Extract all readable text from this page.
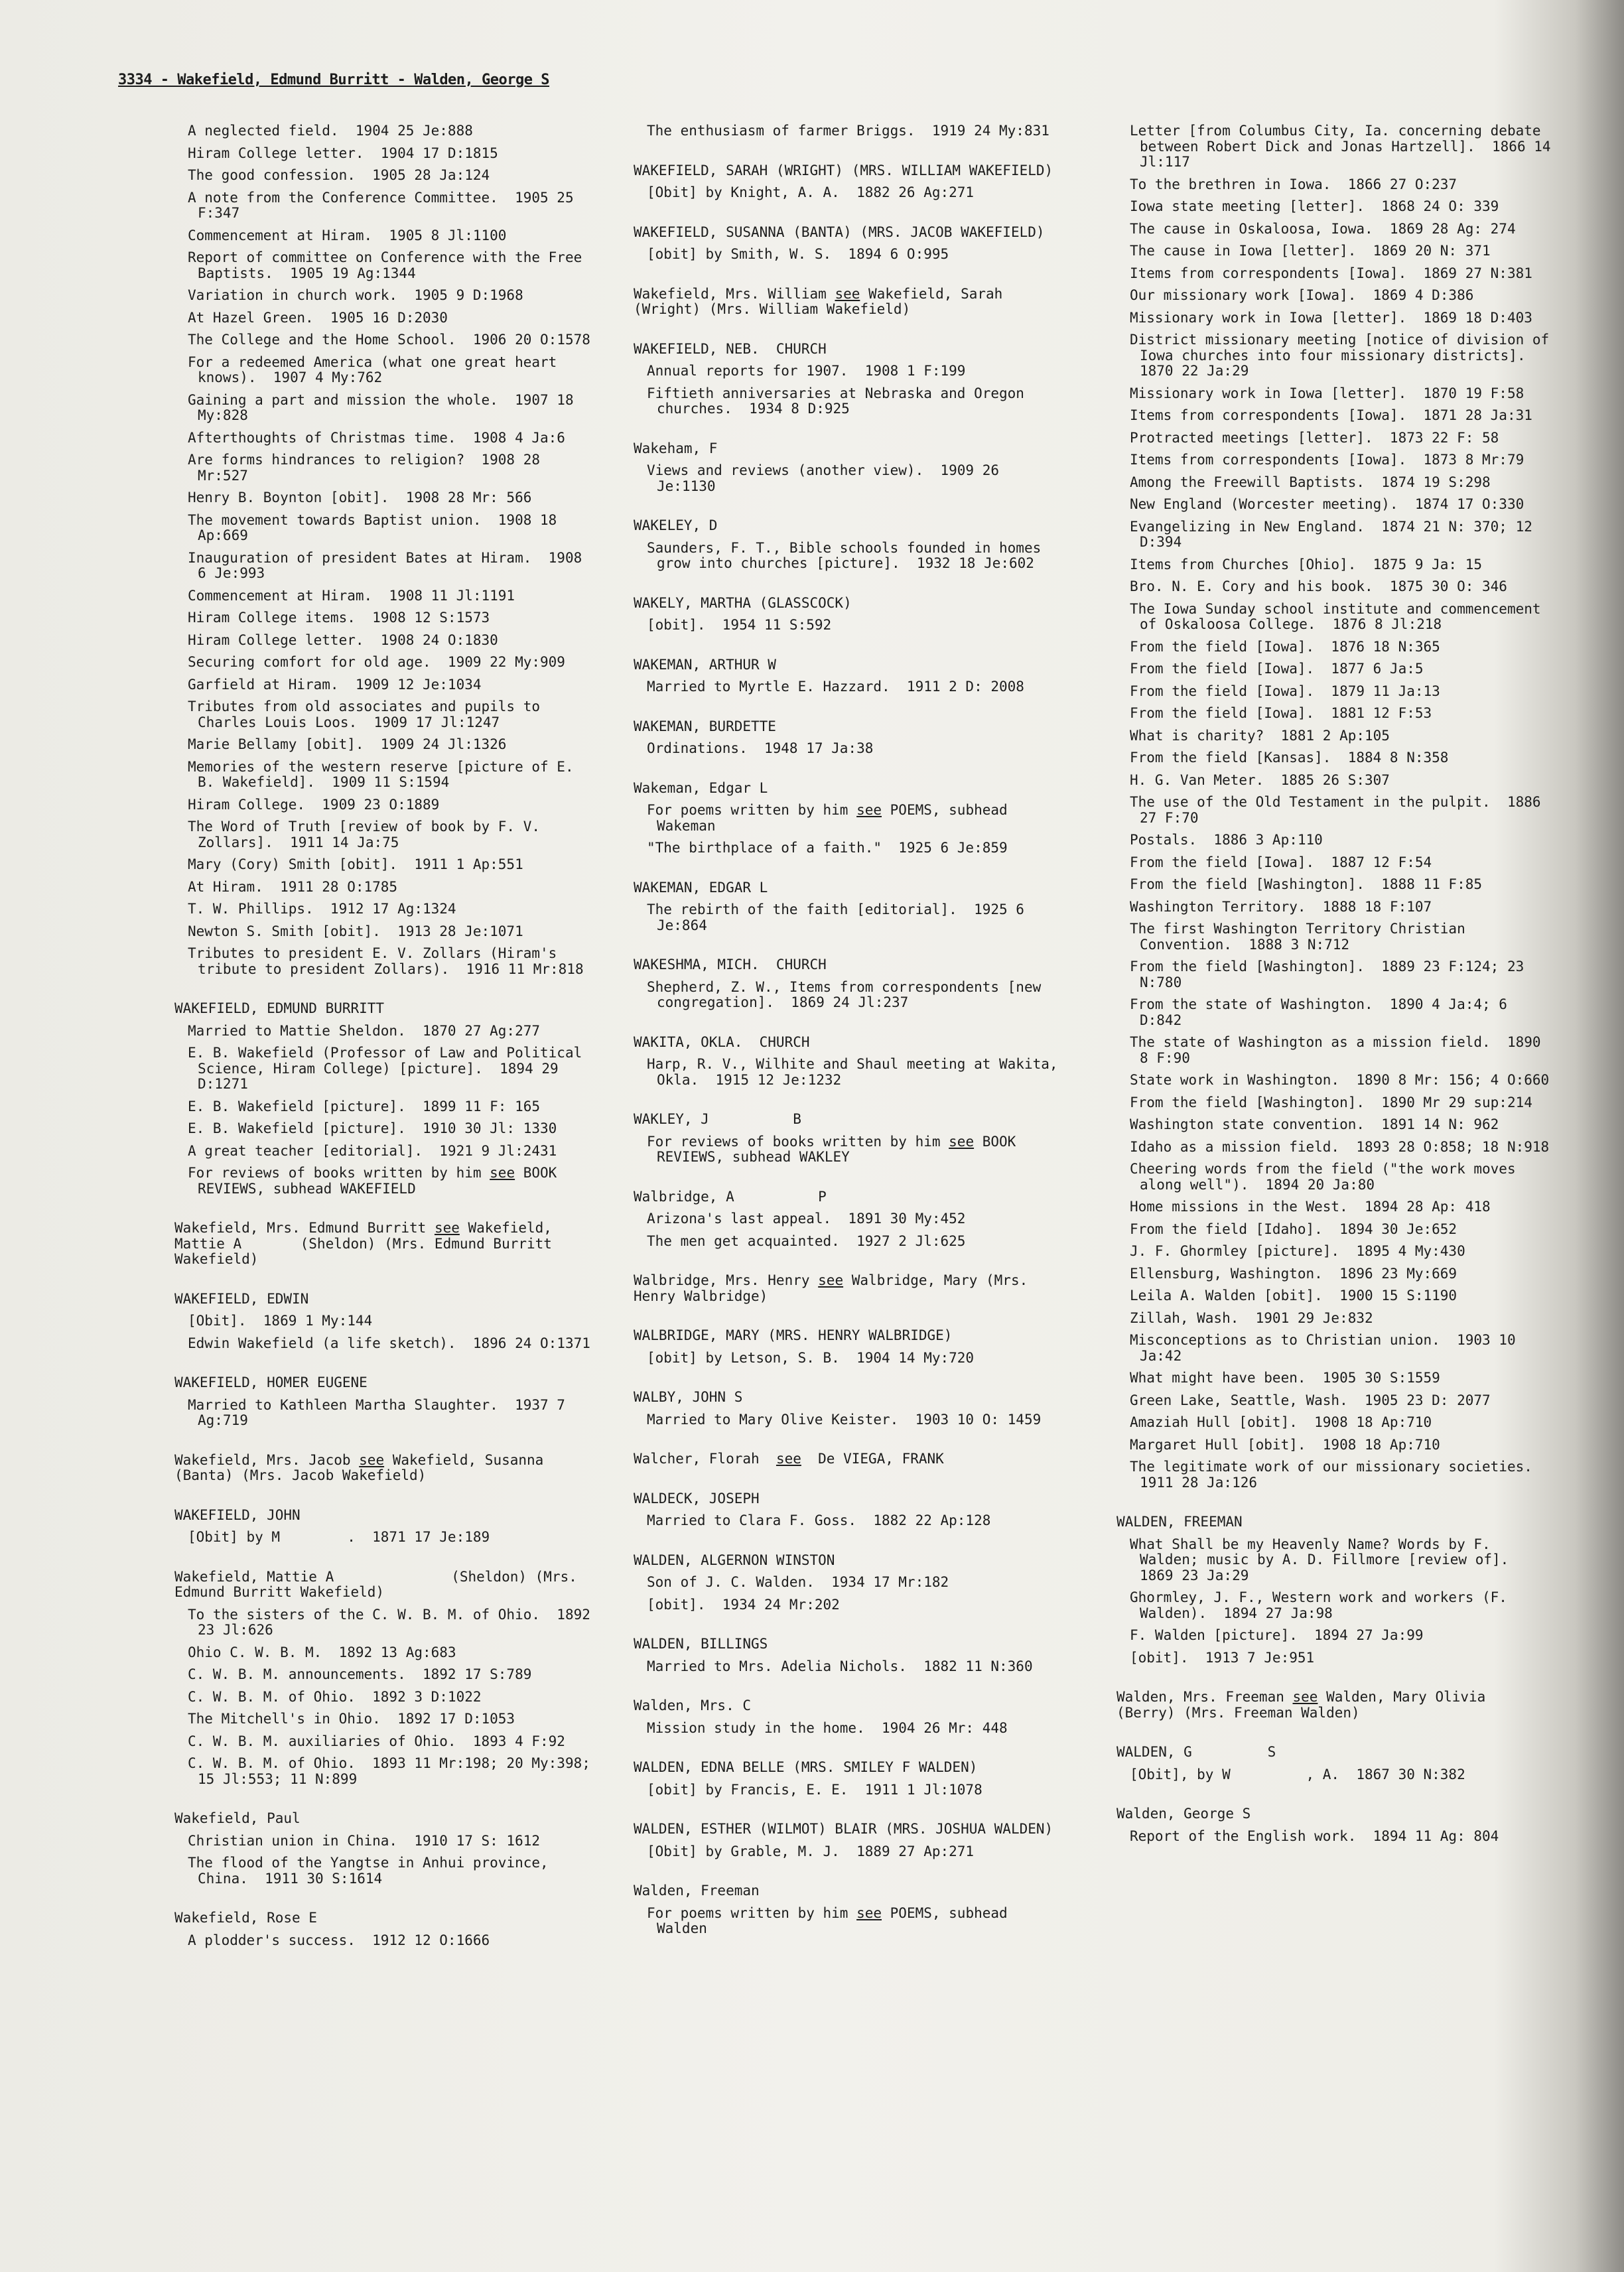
3334 - Wakefield, Edmund Burritt - Walden, George S
A neglected field.  1904 25 Je:888
Hiram College letter.  1904 17 D:1815
The good confession.  1905 28 Ja:124
A note from the Conference Committee.  1905 25 F:347
Commencement at Hiram.  1905 8 Jl:1100
Report of committee on Conference with the Free Baptists.  1905 19 Ag:1344
Variation in church work.  1905 9 D:1968
At Hazel Green.  1905 16 D:2030
The College and the Home School.  1906 20 O:1578
For a redeemed America (what one great heart knows).  1907 4 My:762
Gaining a part and mission the whole.  1907 18 My:828
Afterthoughts of Christmas time.  1908 4 Ja:6
Are forms hindrances to religion?  1908 28 Mr:527
Henry B. Boynton [obit].  1908 28 Mr: 566
The movement towards Baptist union.  1908 18 Ap:669
Inauguration of president Bates at Hiram.  1908 6 Je:993
Commencement at Hiram.  1908 11 Jl:1191
Hiram College items.  1908 12 S:1573
Hiram College letter.  1908 24 O:1830
Securing comfort for old age.  1909 22 My:909
Garfield at Hiram.  1909 12 Je:1034
Tributes from old associates and pupils to Charles Louis Loos.  1909 17 Jl:1247
Marie Bellamy [obit].  1909 24 Jl:1326
Memories of the western reserve [picture of E. B. Wakefield].  1909 11 S:1594
Hiram College.  1909 23 O:1889
The Word of Truth [review of book by F. V. Zollars].  1911 14 Ja:75
Mary (Cory) Smith [obit].  1911 1 Ap:551
At Hiram.  1911 28 O:1785
T. W. Phillips.  1912 17 Ag:1324
Newton S. Smith [obit].  1913 28 Je:1071
Tributes to president E. V. Zollars (Hiram's tribute to president Zollars).  1916 11 Mr:818
WAKEFIELD, EDMUND BURRITT
Married to Mattie Sheldon.  1870 27 Ag:277
E. B. Wakefield (Professor of Law and Political Science, Hiram College) [picture].  1894 29 D:1271
E. B. Wakefield [picture].  1899 11 F: 165
E. B. Wakefield [picture].  1910 30 Jl: 1330
A great teacher [editorial].  1921 9 Jl:2431
For reviews of books written by him see BOOK REVIEWS, subhead WAKEFIELD
Wakefield, Mrs. Edmund Burritt see Wakefield, Mattie A       (Sheldon) (Mrs. Edmund Burritt Wakefield)
WAKEFIELD, EDWIN
[Obit].  1869 1 My:144
Edwin Wakefield (a life sketch).  1896 24 O:1371
WAKEFIELD, HOMER EUGENE
Married to Kathleen Martha Slaughter.  1937 7 Ag:719
Wakefield, Mrs. Jacob see Wakefield, Susanna (Banta) (Mrs. Jacob Wakefield)
WAKEFIELD, JOHN
[Obit] by M        .  1871 17 Je:189
Wakefield, Mattie A              (Sheldon) (Mrs. Edmund Burritt Wakefield)
To the sisters of the C. W. B. M. of Ohio.  1892 23 Jl:626
Ohio C. W. B. M.  1892 13 Ag:683
C. W. B. M. announcements.  1892 17 S:789
C. W. B. M. of Ohio.  1892 3 D:1022
The Mitchell's in Ohio.  1892 17 D:1053
C. W. B. M. auxiliaries of Ohio.  1893 4 F:92
C. W. B. M. of Ohio.  1893 11 Mr:198; 20 My:398; 15 Jl:553; 11 N:899
Wakefield, Paul
Christian union in China.  1910 17 S: 1612
The flood of the Yangtse in Anhui province, China.  1911 30 S:1614
Wakefield, Rose E
A plodder's success.  1912 12 O:1666
The enthusiasm of farmer Briggs.  1919 24 My:831
WAKEFIELD, SARAH (WRIGHT) (MRS. WILLIAM WAKEFIELD)
[Obit] by Knight, A. A.  1882 26 Ag:271
WAKEFIELD, SUSANNA (BANTA) (MRS. JACOB WAKEFIELD)
[obit] by Smith, W. S.  1894 6 O:995
Wakefield, Mrs. William see Wakefield, Sarah (Wright) (Mrs. William Wakefield)
WAKEFIELD, NEB.  CHURCH
Annual reports for 1907.  1908 1 F:199
Fiftieth anniversaries at Nebraska and Oregon churches.  1934 8 D:925
Wakeham, F
Views and reviews (another view).  1909 26 Je:1130
WAKELEY, D
Saunders, F. T., Bible schools founded in homes grow into churches [picture].  1932 18 Je:602
WAKELY, MARTHA (GLASSCOCK)
[obit].  1954 11 S:592
WAKEMAN, ARTHUR W
Married to Myrtle E. Hazzard.  1911 2 D: 2008
WAKEMAN, BURDETTE
Ordinations.  1948 17 Ja:38
Wakeman, Edgar L
For poems written by him see POEMS, subhead Wakeman
"The birthplace of a faith."  1925 6 Je:859
WAKEMAN, EDGAR L
The rebirth of the faith [editorial].  1925 6 Je:864
WAKESHMA, MICH.  CHURCH
Shepherd, Z. W., Items from correspondents [new congregation].  1869 24 Jl:237
WAKITA, OKLA.  CHURCH
Harp, R. V., Wilhite and Shaul meeting at Wakita, Okla.  1915 12 Je:1232
WAKLEY, J          B
For reviews of books written by him see BOOK REVIEWS, subhead WAKLEY
Walbridge, A          P
Arizona's last appeal.  1891 30 My:452
The men get acquainted.  1927 2 Jl:625
Walbridge, Mrs. Henry see Walbridge, Mary (Mrs. Henry Walbridge)
WALBRIDGE, MARY (MRS. HENRY WALBRIDGE)
[obit] by Letson, S. B.  1904 14 My:720
WALBY, JOHN S
Married to Mary Olive Keister.  1903 10 O: 1459
Walcher, Florah  see  De VIEGA, FRANK
WALDECK, JOSEPH
Married to Clara F. Goss.  1882 22 Ap:128
WALDEN, ALGERNON WINSTON
Son of J. C. Walden.  1934 17 Mr:182
[obit].  1934 24 Mr:202
WALDEN, BILLINGS
Married to Mrs. Adelia Nichols.  1882 11 N:360
Walden, Mrs. C
Mission study in the home.  1904 26 Mr: 448
WALDEN, EDNA BELLE (MRS. SMILEY F WALDEN)
[obit] by Francis, E. E.  1911 1 Jl:1078
WALDEN, ESTHER (WILMOT) BLAIR (MRS. JOSHUA WALDEN)
[Obit] by Grable, M. J.  1889 27 Ap:271
Walden, Freeman
For poems written by him see POEMS, subhead Walden
Letter [from Columbus City, Ia. concerning debate between Robert Dick and Jonas Hartzell].  1866 14 Jl:117
To the brethren in Iowa.  1866 27 O:237
Iowa state meeting [letter].  1868 24 O: 339
The cause in Oskaloosa, Iowa.  1869 28 Ag: 274
The cause in Iowa [letter].  1869 20 N: 371
Items from correspondents [Iowa].  1869 27 N:381
Our missionary work [Iowa].  1869 4 D:386
Missionary work in Iowa [letter].  1869 18 D:403
District missionary meeting [notice of division of Iowa churches into four missionary districts].  1870 22 Ja:29
Missionary work in Iowa [letter].  1870 19 F:58
Items from correspondents [Iowa].  1871 28 Ja:31
Protracted meetings [letter].  1873 22 F: 58
Items from correspondents [Iowa].  1873 8 Mr:79
Among the Freewill Baptists.  1874 19 S:298
New England (Worcester meeting).  1874 17 O:330
Evangelizing in New England.  1874 21 N: 370; 12 D:394
Items from Churches [Ohio].  1875 9 Ja: 15
Bro. N. E. Cory and his book.  1875 30 O: 346
The Iowa Sunday school institute and commencement of Oskaloosa College.  1876 8 Jl:218
From the field [Iowa].  1876 18 N:365
From the field [Iowa].  1877 6 Ja:5
From the field [Iowa].  1879 11 Ja:13
From the field [Iowa].  1881 12 F:53
What is charity?  1881 2 Ap:105
From the field [Kansas].  1884 8 N:358
H. G. Van Meter.  1885 26 S:307
The use of the Old Testament in the pulpit.  1886 27 F:70
Postals.  1886 3 Ap:110
From the field [Iowa].  1887 12 F:54
From the field [Washington].  1888 11 F:85
Washington Territory.  1888 18 F:107
The first Washington Territory Christian Convention.  1888 3 N:712
From the field [Washington].  1889 23 F:124; 23 N:780
From the state of Washington.  1890 4 Ja:4; 6 D:842
The state of Washington as a mission field.  1890 8 F:90
State work in Washington.  1890 8 Mr: 156; 4 O:660
From the field [Washington].  1890 Mr 29 sup:214
Washington state convention.  1891 14 N: 962
Idaho as a mission field.  1893 28 O:858; 18 N:918
Cheering words from the field ("the work moves along well").  1894 20 Ja:80
Home missions in the West.  1894 28 Ap: 418
From the field [Idaho].  1894 30 Je:652
J. F. Ghormley [picture].  1895 4 My:430
Ellensburg, Washington.  1896 23 My:669
Leila A. Walden [obit].  1900 15 S:1190
Zillah, Wash.  1901 29 Je:832
Misconceptions as to Christian union.  1903 10 Ja:42
What might have been.  1905 30 S:1559
Green Lake, Seattle, Wash.  1905 23 D: 2077
Amaziah Hull [obit].  1908 18 Ap:710
Margaret Hull [obit].  1908 18 Ap:710
The legitimate work of our missionary societies.  1911 28 Ja:126
WALDEN, FREEMAN
What Shall be my Heavenly Name? Words by F. Walden; music by A. D. Fillmore [review of].  1869 23 Ja:29
Ghormley, J. F., Western work and workers (F. Walden).  1894 27 Ja:98
F. Walden [picture].  1894 27 Ja:99
[obit].  1913 7 Je:951
Walden, Mrs. Freeman see Walden, Mary Olivia (Berry) (Mrs. Freeman Walden)
WALDEN, G         S
[Obit], by W         , A.  1867 30 N:382
Walden, George S
Report of the English work.  1894 11 Ag: 804
